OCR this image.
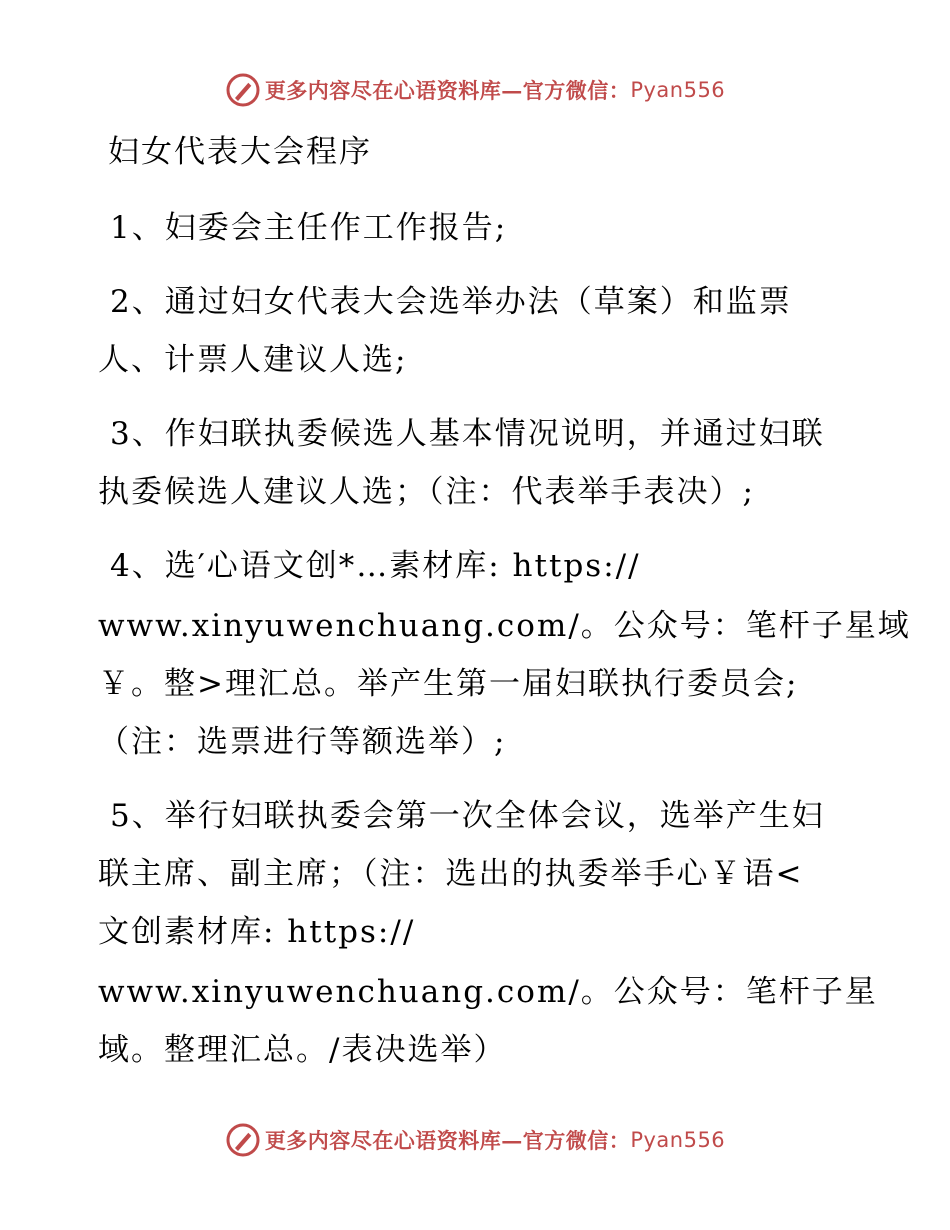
更多内容尽在心语资料库—官方微信： Pyan556
妇女代表大会程序
1、妇委会主任作工作报告;
2、通过妇女代表大会选举办法（草案）和监票
人、计票人建议人选;
3、作妇联执委候选人基本情况说明，并通过妇联
执委候选人建议人选；（注：代表举手表决）;
4、选′心语文创*…素材库: https://
www.xinyuwenchuang.com/。公众号：笔杆子星域
￥。整>理汇总。举产生第一届妇联执行委员会;
（注：选票进行等额选举）;
5、举行妇联执委会第一次全体会议，选举产生妇
联主席、副主席；（注：选出的执委举手心￥语<
文创素材库: https://
www.xinyuwenchuang.com/。公众号：笔杆子星
域。整理汇总。/表决选举）
更多内容尽在心语资料库—官方微信： Pyan556
